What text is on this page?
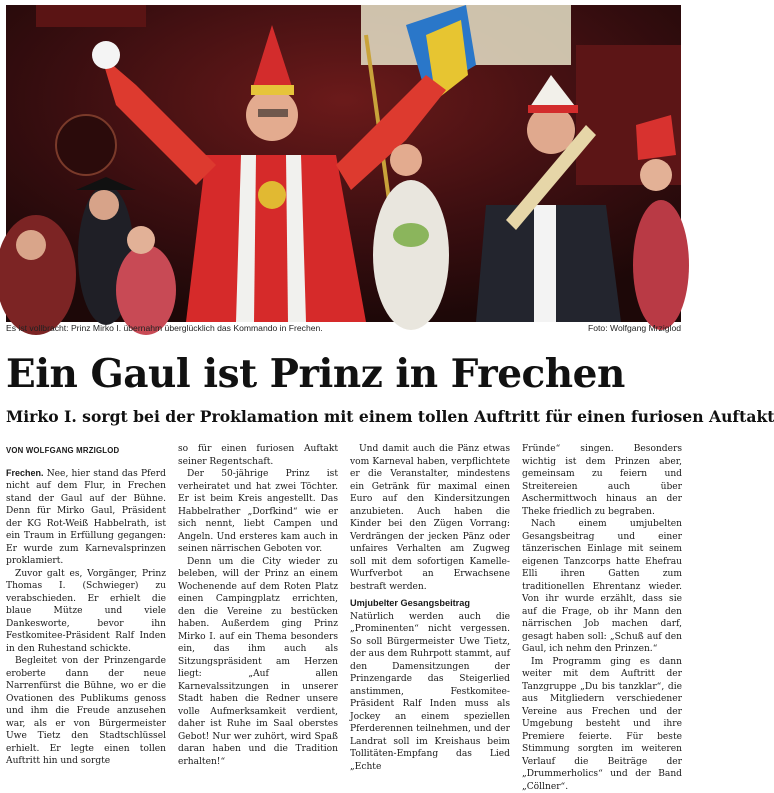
Es ist vollbracht: Prinz Mirko I. übernahm überglücklich das Kommando in Frechen.	Foto: Wolfgang Mrziglod
Ein Gaul ist Prinz in Frechen
Mirko I. sorgt bei der Proklamation mit einem tollen Auftritt für einen furiosen Auftakt
VON WOLFGANG MRZIGLOD

Frechen. Nee, hier stand das Pferd nicht auf dem Flur, in Frechen stand der Gaul auf der Bühne. Denn für Mirko Gaul, Präsident der KG Rot-Weiß Habbelrath, ist ein Traum in Erfüllung gegangen: Er wurde zum Karnevalsprinzen proklamiert.

Zuvor galt es, Vorgänger, Prinz Thomas I. (Schwieger) zu verabschieden. Er erhielt die blaue Mütze und viele Dankesworte, bevor ihn Festkomitee-Präsident Ralf Inden in den Ruhestand schickte.

Begleitet von der Prinzengarde eroberte dann der neue Narrenfürst die Bühne, wo er die Ovationen des Publikums genoss und ihm die Freude anzusehen war, als er von Bürgermeister Uwe Tietz den Stadtschlüssel erhielt. Er legte einen tollen Auftritt hin und sorgte

so für einen furiosen Auftakt seiner Regentschaft.

Der 50-jährige Prinz ist verheiratet und hat zwei Töchter. Er ist beim Kreis angestellt. Das Habbelrather „Dorfkind“ wie er sich nennt, liebt Campen und Angeln. Und ersteres kam auch in seinen närrischen Geboten vor.

Denn um die City wieder zu beleben, will der Prinz an einem Wochenende auf dem Roten Platz einen Campingplatz errichten, den die Vereine zu bestücken haben. Außerdem ging Prinz Mirko I. auf ein Thema besonders ein, das ihm auch als Sitzungspräsident am Herzen liegt: „Auf allen Karnevalssitzungen in unserer Stadt haben die Redner unsere volle Aufmerksamkeit verdient, daher ist Ruhe im Saal oberstes Gebot! Nur wer zuhört, wird Spaß daran haben und die Tradition erhalten!“

Und damit auch die Pänz etwas vom Karneval haben, verpflichtete er die Veranstalter, mindestens ein Getränk für maximal einen Euro auf den Kindersitzungen anzubieten. Auch haben die Kinder bei den Zügen Vorrang: Verdrängen der jecken Pänz oder unfaires Verhalten am Zugweg soll mit dem sofortigen Kamelle-Wurfverbot an Erwachsene bestraft werden.

Umjubelter Gesangsbeitrag

Natürlich werden auch die „Prominenten“ nicht vergessen. So soll Bürgermeister Uwe Tietz, der aus dem Ruhrpott stammt, auf den Damensitzungen der Prinzengarde das Steigerlied anstimmen, Festkomitee-Präsident Ralf Inden muss als Jockey an einem speziellen Pferderennen teilnehmen, und der Landrat soll im Kreishaus beim Tollitäten-Empfang das Lied „Echte

Fründe“ singen. Besonders wichtig ist dem Prinzen aber, gemeinsam zu feiern und Streitereien auch über Aschermittwoch hinaus an der Theke friedlich zu begraben.

Nach einem umjubelten Gesangsbeitrag und einer tänzerischen Einlage mit seinem eigenen Tanzcorps hatte Ehefrau Elli ihren Gatten zum traditionellen Ehrentanz wieder. Von ihr wurde erzählt, dass sie auf die Frage, ob ihr Mann den närrischen Job machen darf, gesagt haben soll: „Schuß auf den Gaul, ich nehm den Prinzen.“

Im Programm ging es dann weiter mit dem Auftritt der Tanzgruppe „Du bis tanzklar“, die aus Mitgliedern verschiedener Vereine aus Frechen und der Umgebung besteht und ihre Premiere feierte. Für beste Stimmung sorgten im weiteren Verlauf die Beiträge der „Drummerholics“ und der Band „Cöllner“.
